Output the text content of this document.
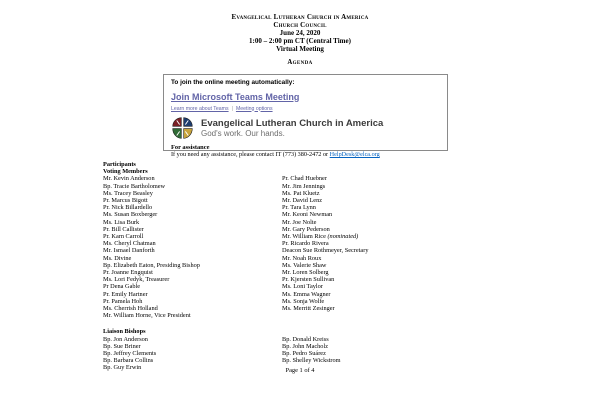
Evangelical Lutheran Church in America
Church Council
June 24, 2020
1:00 – 2:00 pm CT (Central Time)
Virtual Meeting
Agenda
To join the online meeting automatically:
Join Microsoft Teams Meeting
Learn more about Teams | Meeting options
Evangelical Lutheran Church in America
God's work. Our hands.
For assistance
If you need any assistance, please contact IT (773) 380-2472 or HelpDesk@elca.org
Participants
Voting Members
Mr. Kevin Anderson
Bp. Tracie Bartholomew
Ms. Tracey Beasley
Pr. Marcus Bigott
Pr. Nick Billardello
Ms. Susan Boxberger
Ms. Lisa Burk
Pr. Bill Callister
Pr. Karn Carroll
Ms. Cheryl Chatman
Mr. Ismael Danforth
Ms. Divine
Bp. Elizabeth Eaton, Presiding Bishop
Pr. Joanne Engquist
Ms. Lori Fedyk, Treasurer
Pr Dena Gable
Pr. Emily Hartner
Pr. Pamela Hoh
Ms. Cherrish Holland
Mr. William Horne, Vice President
Pr. Chad Huebner
Mr. Jim Jennings
Ms. Pat Kluetz
Mr. David Lenz
Pr. Tara Lynn
Mr. Keoni Newman
Mr. Joe Nolte
Mr. Gary Pederson
Mr. William Rice (nominated)
Pr. Ricardo Rivera
Deacon Sue Rothmeyer, Secretary
Mr. Noah Roux
Ms. Valerie Shaw
Mr. Loren Solberg
Pr. Kjersten Sullivan
Ms. Loni Taylor
Ms. Emma Wagner
Ms. Sonja Wolfe
Ms. Merritt Zesinger
Liaison Bishops
Bp. Jon Anderson
Bp. Sue Briner
Bp. Jeffrey Clements
Bp. Barbara Collins
Bp. Guy Erwin
Bp. Donald Kreiss
Bp. John Macholz
Bp. Pedro Suárez
Bp. Shelley Wickstrom
Page 1 of 4
